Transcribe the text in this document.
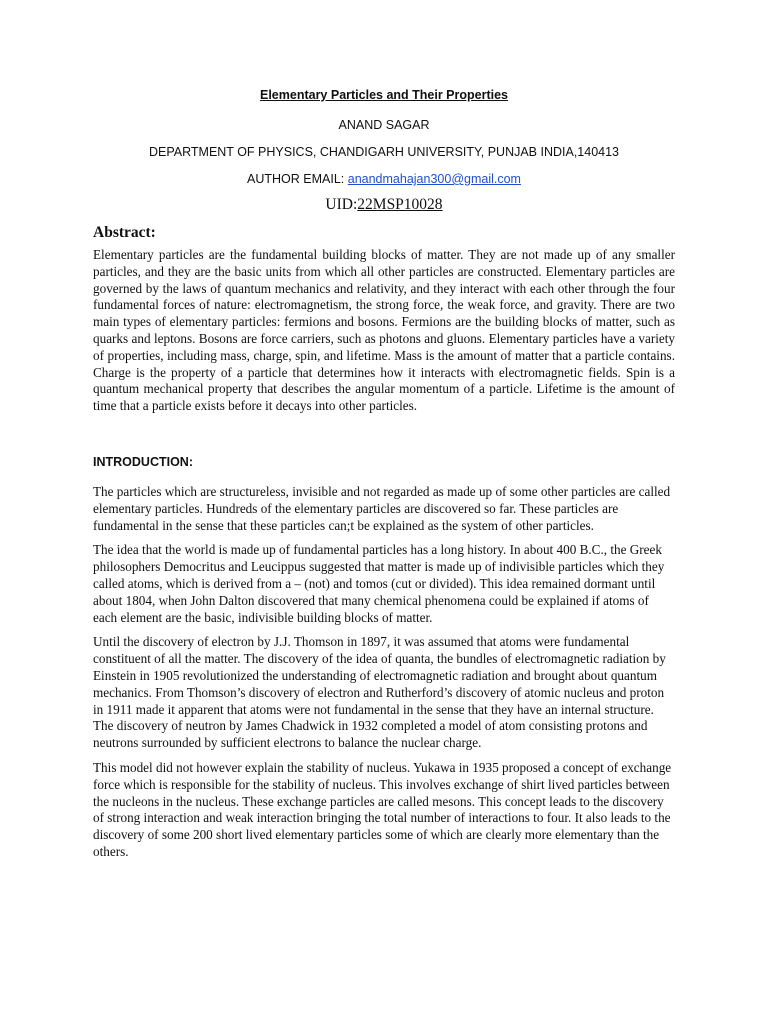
Elementary Particles and Their Properties
ANAND SAGAR
DEPARTMENT OF PHYSICS, CHANDIGARH UNIVERSITY, PUNJAB INDIA,140413
AUTHOR EMAIL: anandmahajan300@gmail.com
UID:22MSP10028
Abstract:

Elementary particles are the fundamental building blocks of matter. They are not made up of any smaller particles, and they are the basic units from which all other particles are constructed. Elementary particles are governed by the laws of quantum mechanics and relativity, and they interact with each other through the four fundamental forces of nature: electromagnetism, the strong force, the weak force, and gravity. There are two main types of elementary particles: fermions and bosons. Fermions are the building blocks of matter, such as quarks and leptons. Bosons are force carriers, such as photons and gluons. Elementary particles have a variety of properties, including mass, charge, spin, and lifetime. Mass is the amount of matter that a particle contains. Charge is the property of a particle that determines how it interacts with electromagnetic fields. Spin is a quantum mechanical property that describes the angular momentum of a particle. Lifetime is the amount of time that a particle exists before it decays into other particles.

INTRODUCTION:

The particles which are structureless, invisible and not regarded as made up of some other particles are called elementary particles. Hundreds of the elementary particles are discovered so far. These particles are fundamental in the sense that these particles can;t be explained as the system of other particles.

The idea that the world is made up of fundamental particles has a long history. In about 400 B.C., the Greek philosophers Democritus and Leucippus suggested that matter is made up of indivisible particles which they called atoms, which is derived from a – (not) and tomos (cut or divided). This idea remained dormant until about 1804, when John Dalton discovered that many chemical phenomena could be explained if atoms of each element are the basic, indivisible building blocks of matter.

Until the discovery of electron by J.J. Thomson in 1897, it was assumed that atoms were fundamental constituent of all the matter. The discovery of the idea of quanta, the bundles of electromagnetic radiation by Einstein in 1905 revolutionized the understanding of electromagnetic radiation and brought about quantum mechanics. From Thomson’s discovery of electron and Rutherford’s discovery of atomic nucleus and proton in 1911 made it apparent that atoms were not fundamental in the sense that they have an internal structure. The discovery of neutron by James Chadwick in 1932 completed a model of atom consisting protons and neutrons surrounded by sufficient electrons to balance the nuclear charge.

This model did not however explain the stability of nucleus. Yukawa in 1935 proposed a concept of exchange force which is responsible for the stability of nucleus. This involves exchange of shirt lived particles between the nucleons in the nucleus. These exchange particles are called mesons. This concept leads to the discovery of strong interaction and weak interaction bringing the total number of interactions to four. It also leads to the discovery of some 200 short lived elementary particles some of which are clearly more elementary than the others.
